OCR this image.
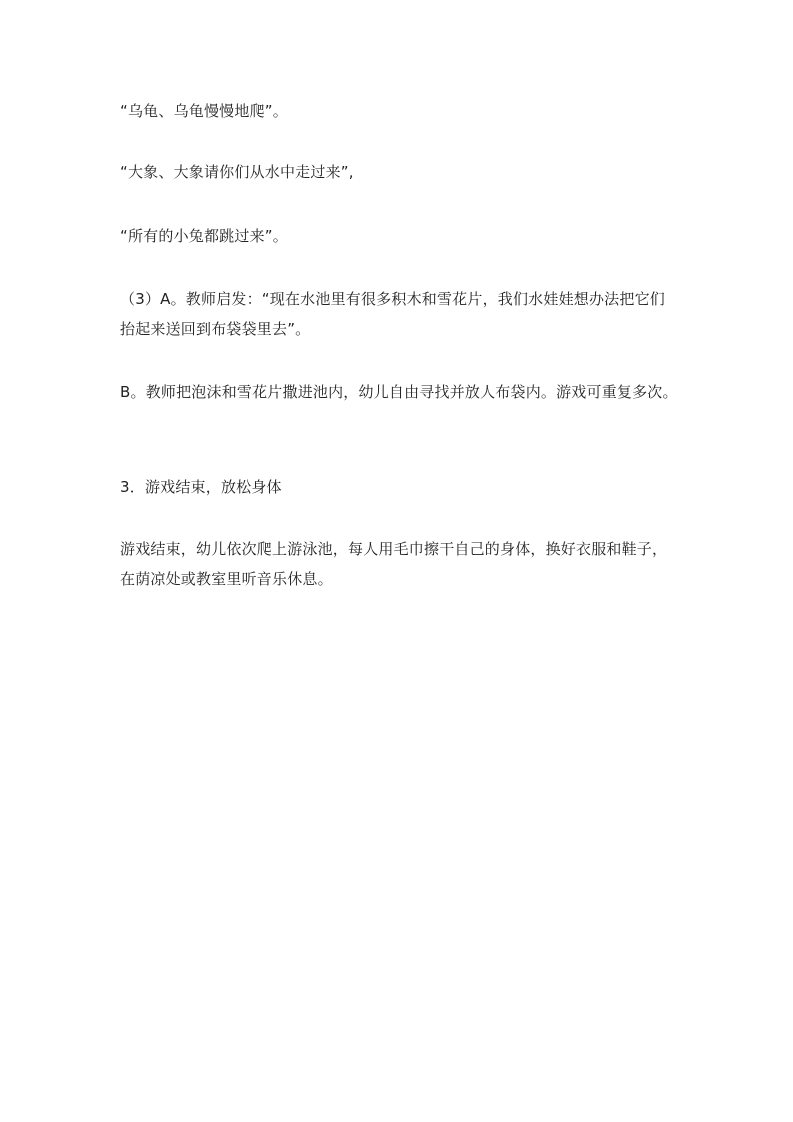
“乌龟、乌龟慢慢地爬”。

“大象、大象请你们从水中走过来”,

“所有的小兔都跳过来”。

（3）A。教师启发：“现在水池里有很多积木和雪花片，我们水娃娃想办法把它们抬起来送回到布袋袋里去”。

B。教师把泡沫和雪花片撒进池内，幼儿自由寻找并放人布袋内。游戏可重复多次。

3．游戏结束，放松身体

游戏结束，幼儿依次爬上游泳池，每人用毛巾擦干自己的身体，换好衣服和鞋子，在荫凉处或教室里听音乐休息。
